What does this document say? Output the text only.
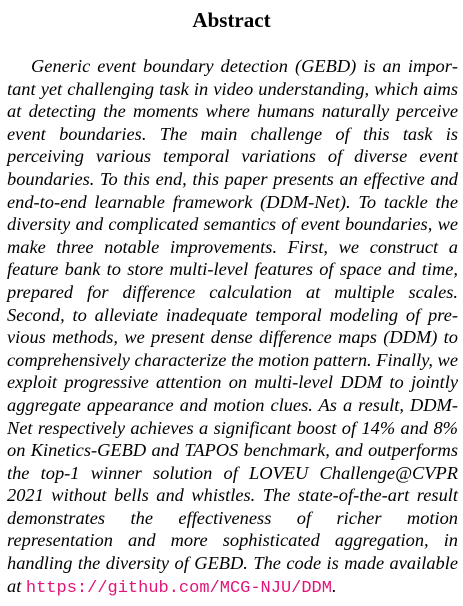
Abstract

Generic event boundary detection (GEBD) is an important yet challenging task in video understanding, which aims at detecting the moments where humans naturally perceive event boundaries. The main challenge of this task is perceiving various temporal variations of diverse event boundaries. To this end, this paper presents an effective and end-to-end learnable framework (DDM-Net). To tackle the diversity and complicated semantics of event boundaries, we make three notable improvements. First, we construct a feature bank to store multi-level features of space and time, prepared for difference calculation at multiple scales. Second, to alleviate inadequate temporal modeling of previous methods, we present dense difference maps (DDM) to comprehensively characterize the motion pattern. Finally, we exploit progressive attention on multi-level DDM to jointly aggregate appearance and motion clues. As a result, DDM-Net respectively achieves a significant boost of 14% and 8% on Kinetics-GEBD and TAPOS benchmark, and outperforms the top-1 winner solution of LOVEU Challenge@CVPR 2021 without bells and whistles. The state-of-the-art result demonstrates the effectiveness of richer motion representation and more sophisticated aggregation, in handling the diversity of GEBD. The code is made available at https://github.com/MCG-NJU/DDM.
